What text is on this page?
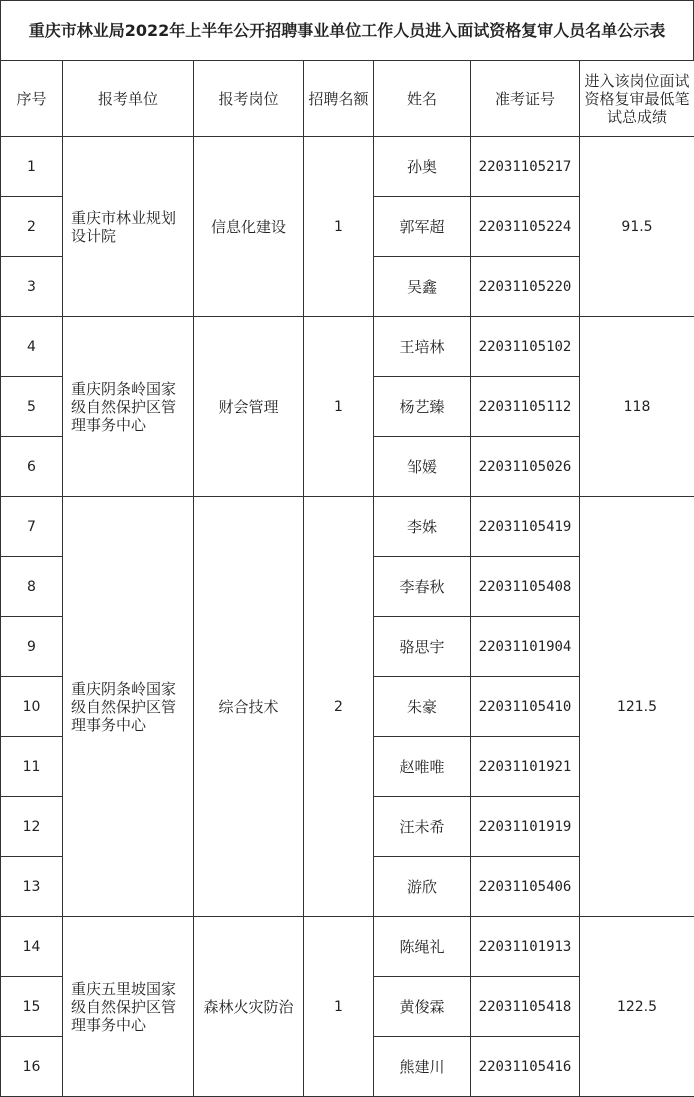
重庆市林业局2022年上半年公开招聘事业单位工作人员进入面试资格复审人员名单公示表
序号	报考单位	报考岗位	招聘名额	姓名	准考证号	进入该岗位面试资格复审最低笔试总成绩
1	重庆市林业规划设计院	信息化建设	1	孙奥	22031105217	91.5
2				郭军超	22031105224	
3				吴鑫	22031105220	
4	重庆阴条岭国家级自然保护区管理事务中心	财会管理	1	王培林	22031105102	118
5				杨艺臻	22031105112	
6				邹媛	22031105026	
7	重庆阴条岭国家级自然保护区管理事务中心	综合技术	2	李姝	22031105419	121.5
8				李春秋	22031105408	
9				骆思宇	22031101904	
10				朱豪	22031105410	
11				赵唯唯	22031101921	
12				汪未希	22031101919	
13				游欣	22031105406	
14	重庆五里坡国家级自然保护区管理事务中心	森林火灾防治	1	陈绳礼	22031101913	122.5
15				黄俊霖	22031105418	
16				熊建川	22031105416	
